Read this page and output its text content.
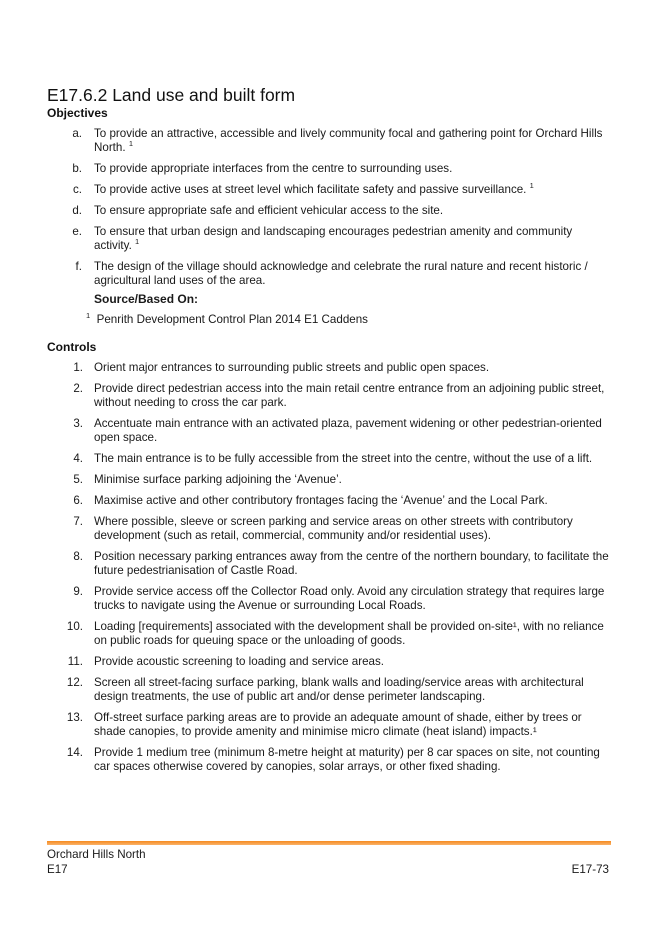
E17.6.2 Land use and built form
Objectives
a. To provide an attractive, accessible and lively community focal and gathering point for Orchard Hills North. $^1$
b. To provide appropriate interfaces from the centre to surrounding uses.
c. To provide active uses at street level which facilitate safety and passive surveillance. $^1$
d. To ensure appropriate safe and efficient vehicular access to the site.
e. To ensure that urban design and landscaping encourages pedestrian amenity and community activity. $^1$
f. The design of the village should acknowledge and celebrate the rural nature and recent historic / agricultural land uses of the area.
Source/Based On:
$^1$ Penrith Development Control Plan 2014 E1 Caddens
Controls
1. Orient major entrances to surrounding public streets and public open spaces.
2. Provide direct pedestrian access into the main retail centre entrance from an adjoining public street, without needing to cross the car park.
3. Accentuate main entrance with an activated plaza, pavement widening or other pedestrian-oriented open space.
4. The main entrance is to be fully accessible from the street into the centre, without the use of a lift.
5. Minimise surface parking adjoining the ‘Avenue’.
6. Maximise active and other contributory frontages facing the ‘Avenue’ and the Local Park.
7. Where possible, sleeve or screen parking and service areas on other streets with contributory development (such as retail, commercial, community and/or residential uses).
8. Position necessary parking entrances away from the centre of the northern boundary, to facilitate the future pedestrianisation of Castle Road.
9. Provide service access off the Collector Road only. Avoid any circulation strategy that requires large trucks to navigate using the Avenue or surrounding Local Roads.
10. Loading [requirements] associated with the development shall be provided on-site¹, with no reliance on public roads for queuing space or the unloading of goods.
11. Provide acoustic screening to loading and service areas.
12. Screen all street-facing surface parking, blank walls and loading/service areas with architectural design treatments, the use of public art and/or dense perimeter landscaping.
13. Off-street surface parking areas are to provide an adequate amount of shade, either by trees or shade canopies, to provide amenity and minimise micro climate (heat island) impacts.¹
14. Provide 1 medium tree (minimum 8-metre height at maturity) per 8 car spaces on site, not counting car spaces otherwise covered by canopies, solar arrays, or other fixed shading.
Orchard Hills North
E17	E17-73
